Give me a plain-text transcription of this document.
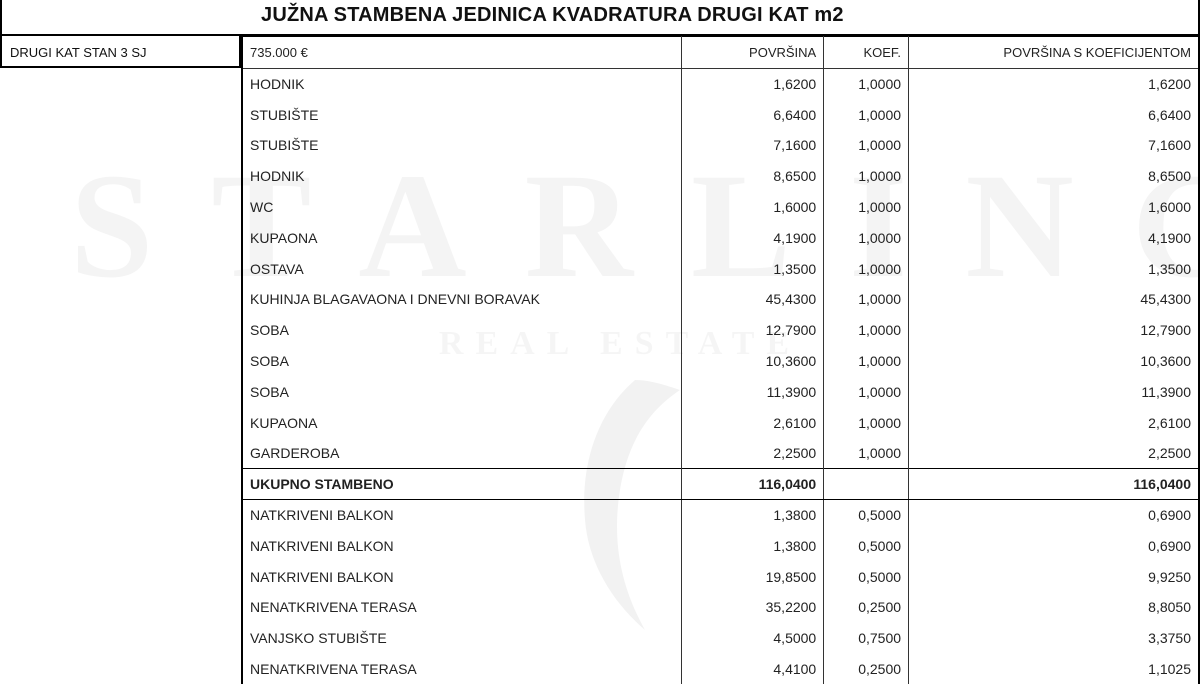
JUŽNA STAMBENA JEDINICA KVADRATURA DRUGI KAT m2
DRUGI KAT STAN 3 SJ	735.000 €	POVRŠINA	KOEF.	POVRŠINA S KOEFICIJENTOM
HODNIK	1,6200	1,0000	1,6200
STUBIŠTE	6,6400	1,0000	6,6400
STUBIŠTE	7,1600	1,0000	7,1600
HODNIK	8,6500	1,0000	8,6500
WC	1,6000	1,0000	1,6000
KUPAONA	4,1900	1,0000	4,1900
OSTAVA	1,3500	1,0000	1,3500
KUHINJA BLAGAVAONA I DNEVNI BORAVAK	45,4300	1,0000	45,4300
SOBA	12,7900	1,0000	12,7900
SOBA	10,3600	1,0000	10,3600
SOBA	11,3900	1,0000	11,3900
KUPAONA	2,6100	1,0000	2,6100
GARDEROBA	2,2500	1,0000	2,2500
UKUPNO STAMBENO	116,0400		116,0400
NATKRIVENI BALKON	1,3800	0,5000	0,6900
NATKRIVENI BALKON	1,3800	0,5000	0,6900
NATKRIVENI BALKON	19,8500	0,5000	9,9250
NENATKRIVENA TERASA	35,2200	0,2500	8,8050
VANJSKO STUBIŠTE	4,5000	0,7500	3,3750
NENATKRIVENA TERASA	4,4100	0,2500	1,1025
